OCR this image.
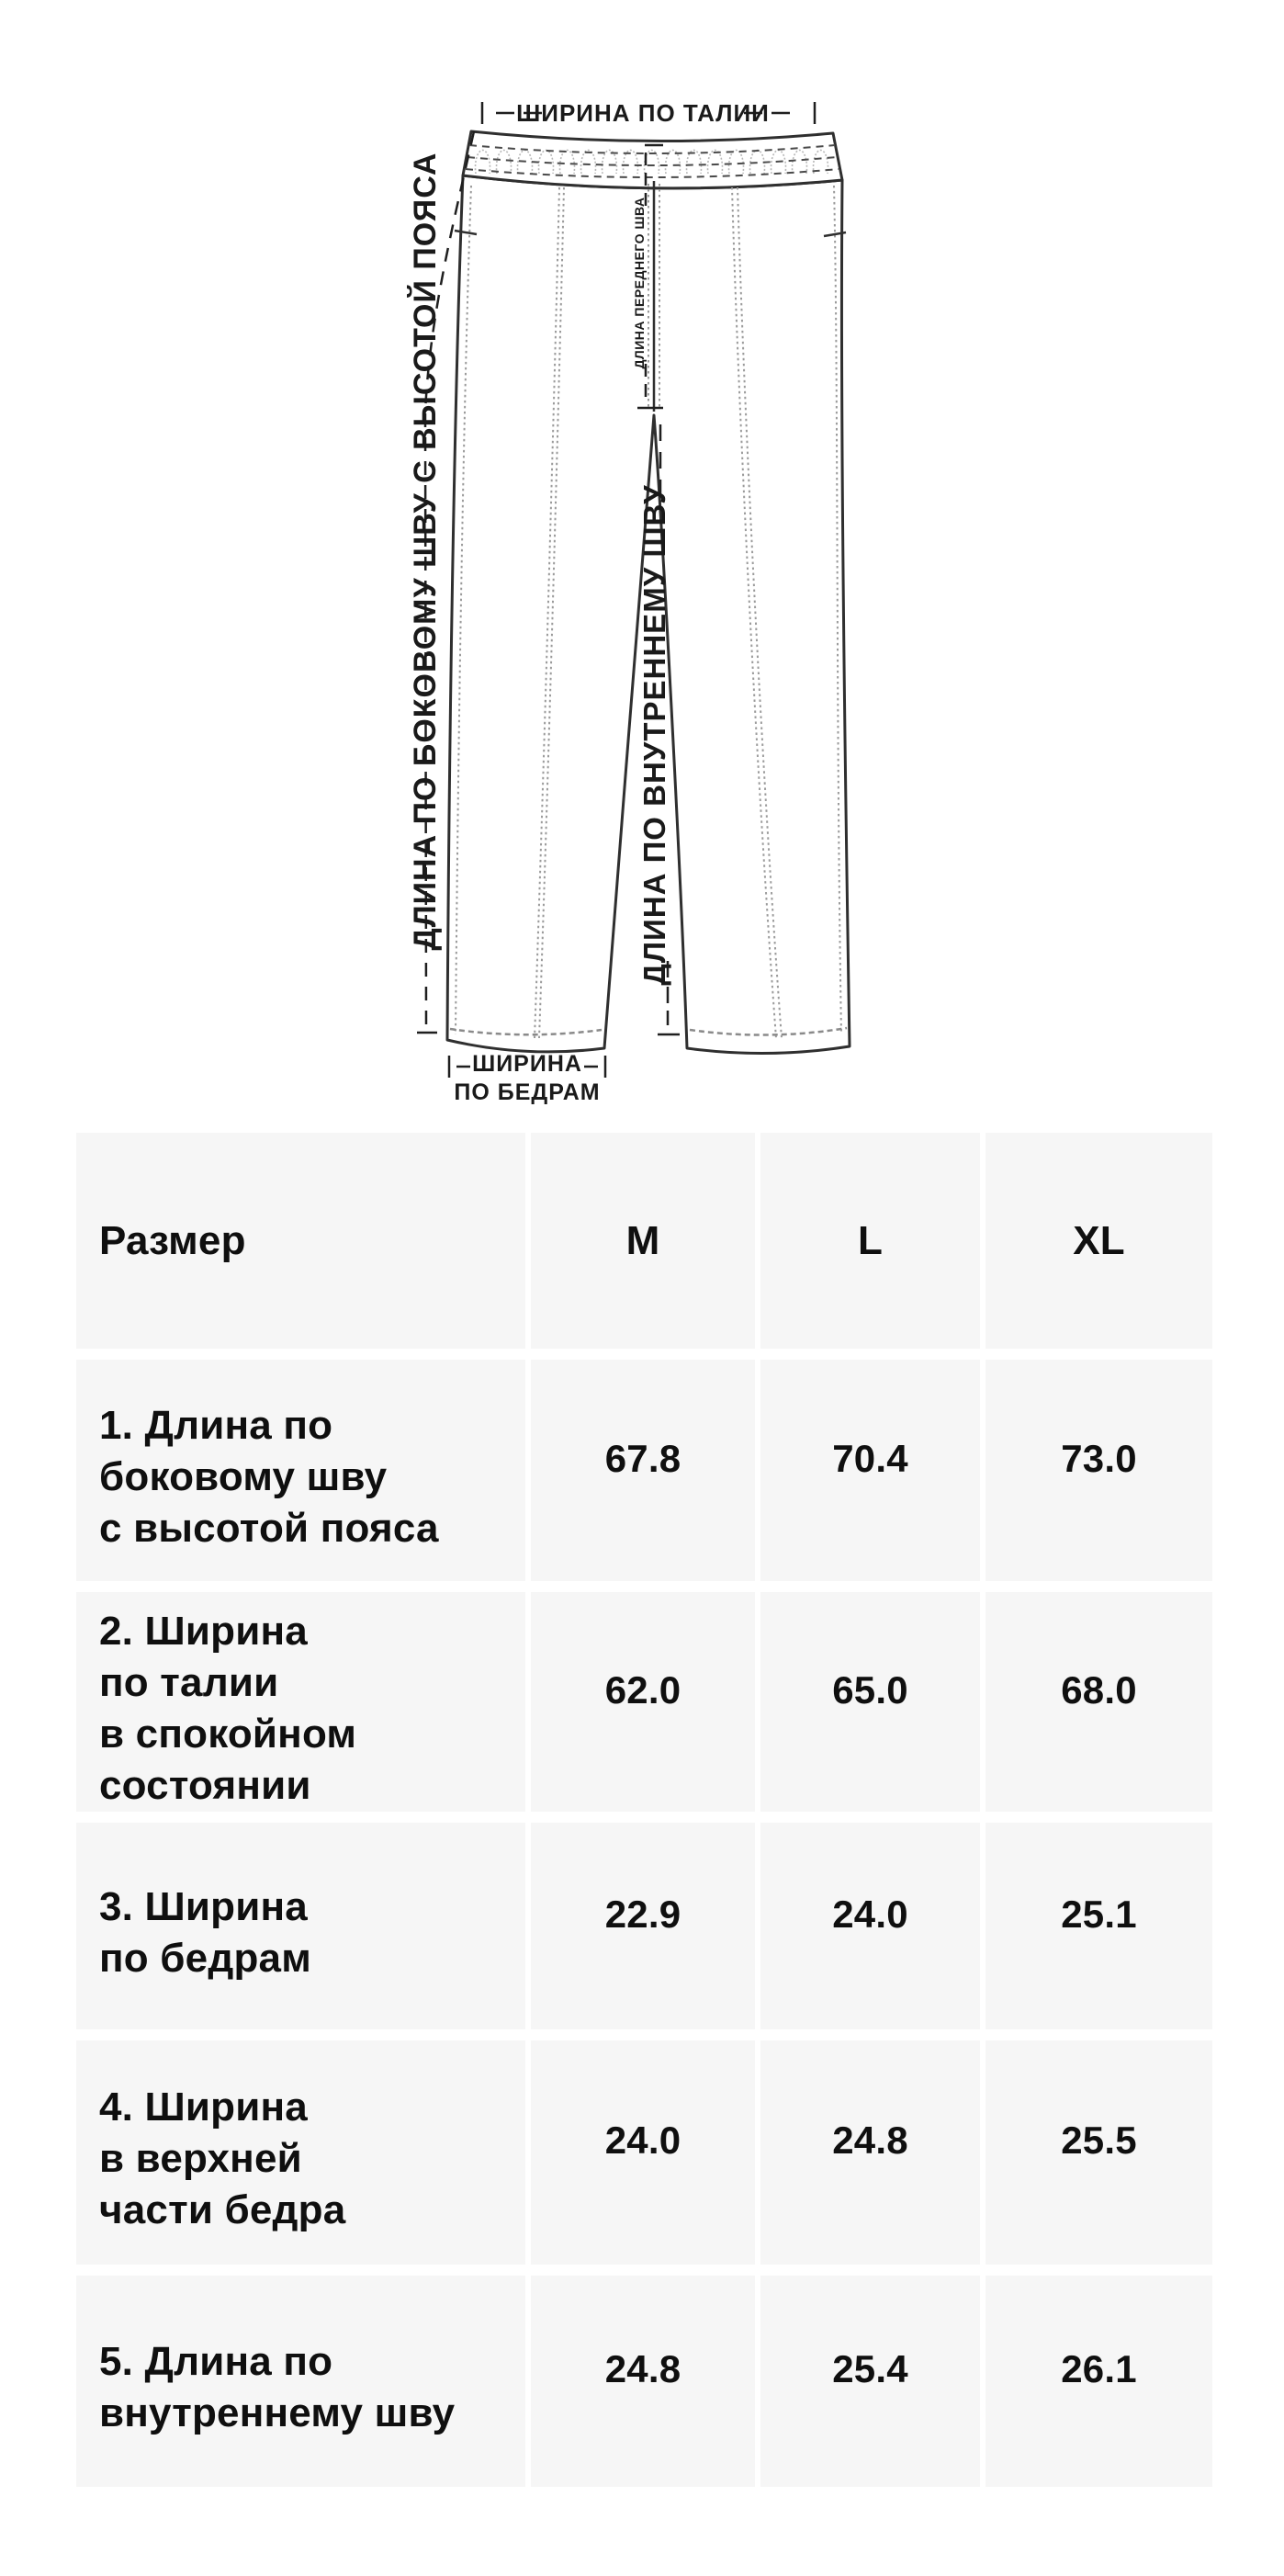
ШИРИНА ПО ТАЛИИ
ДЛИНА ПО БОКОВОМУ ШВУ С ВЫСОТОЙ ПОЯСА	ДЛИНА ПЕРЕДНЕГО ШВА
ДЛИНА ПО ВНУТРЕННЕМУ ШВУ
ШИРИНА
ПО БЕДРАМ
Размер	M	L	XL
1. Длина по
боковому шву
с высотой пояса
67.8	70.4	73.0
2. Ширина
по талии
в спокойном
состоянии
62.0	65.0	68.0
3. Ширина
по бедрам
22.9	24.0	25.1
4. Ширина
в верхней
части бедра
24.0	24.8	25.5
5. Длина по
внутреннему шву
24.8	25.4	26.1
